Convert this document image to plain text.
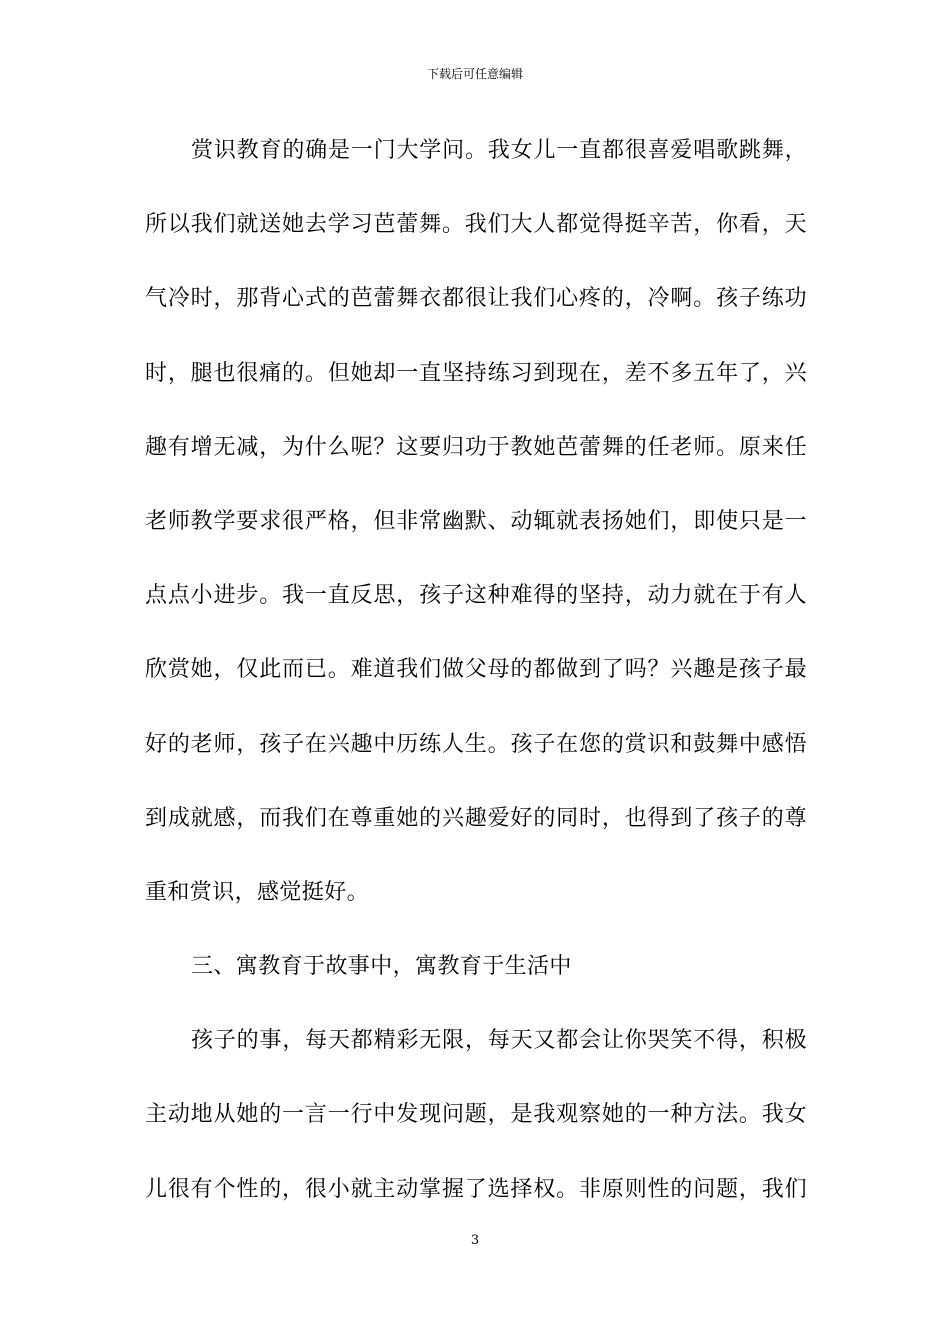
下载后可任意编辑
赏识教育的确是一门大学问。我女儿一直都很喜爱唱歌跳舞，
所以我们就送她去学习芭蕾舞。我们大人都觉得挺辛苦，你看，天
气冷时，那背心式的芭蕾舞衣都很让我们心疼的，冷啊。孩子练功
时，腿也很痛的。但她却一直坚持练习到现在，差不多五年了，兴
趣有增无减，为什么呢？这要归功于教她芭蕾舞的任老师。原来任
老师教学要求很严格，但非常幽默、动辄就表扬她们，即使只是一
点点小进步。我一直反思，孩子这种难得的坚持，动力就在于有人
欣赏她，仅此而已。难道我们做父母的都做到了吗？兴趣是孩子最
好的老师，孩子在兴趣中历练人生。孩子在您的赏识和鼓舞中感悟
到成就感，而我们在尊重她的兴趣爱好的同时，也得到了孩子的尊
重和赏识，感觉挺好。
三、寓教育于故事中，寓教育于生活中
孩子的事，每天都精彩无限，每天又都会让你哭笑不得，积极
主动地从她的一言一行中发现问题，是我观察她的一种方法。我女
儿很有个性的，很小就主动掌握了选择权。非原则性的问题，我们
3
